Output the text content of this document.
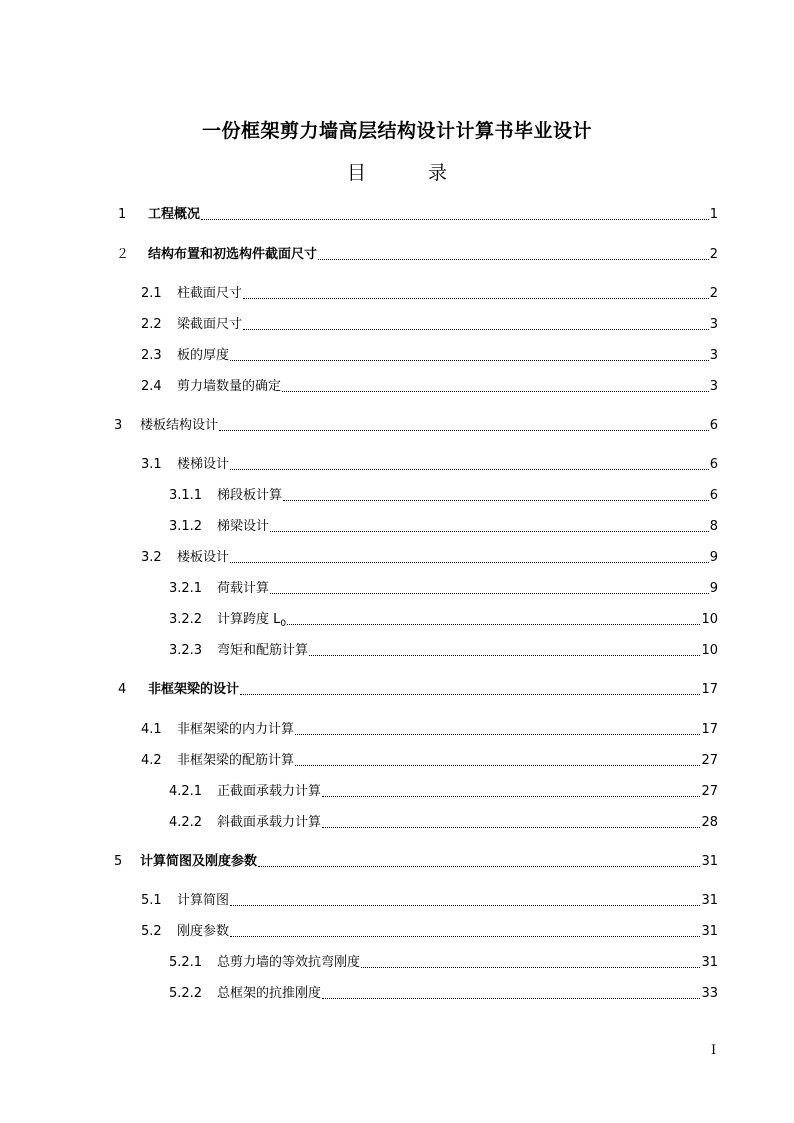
一份框架剪力墙高层结构设计计算书毕业设计
目	录
1	工程概况	1
２	结构布置和初选构件截面尺寸	2
2.1	柱截面尺寸	2
2.2	梁截面尺寸	3
2.3	板的厚度	3
2.4	剪力墙数量的确定	3
3	楼板结构设计	6
3.1	楼梯设计	6
3.1.1	梯段板计算	6
3.1.2	梯梁设计	8
3.2	楼板设计	9
3.2.1	荷载计算	9
3.2.2	计算跨度 $L_0$	10
3.2.3	弯矩和配筋计算	10
4	非框架梁的设计	17
4.1	非框架梁的内力计算	17
4.2	非框架梁的配筋计算	27
4.2.1	正截面承载力计算	27
4.2.2	斜截面承载力计算	28
5	计算简图及刚度参数	31
5.1	计算简图	31
5.2	刚度参数	31
5.2.1	总剪力墙的等效抗弯刚度	31
5.2.2	总框架的抗推刚度	33
I
